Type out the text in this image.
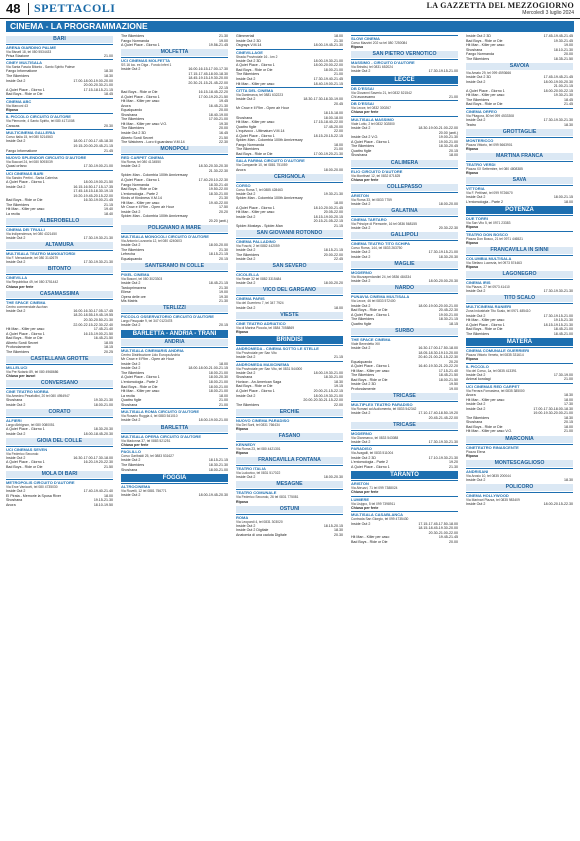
48 SPETTACOLI	LA GAZZETTA DEL MEZZOGIORNO
Mercoledì 3 luglio 2024
CINEMA - LA PROGRAMMAZIONE
BARI
ARENA GIARDINO PALME
Via Bissell 18, tel 080 5534433
Prisa Stazione	21.00
CINEY MULTISALA
Via Santa Fascia Bitonto - Santo Spirito Palese
Fango Informatione	18.30
The Bikeriders	18.30
Inside Out 2	17.00-18.00-19.00-20.00
20.00-20.30-21.00
A Quiet Place - Giorno 1	17.15-18.15-21.15
Bad Boys - Ride or Die	18.45
CINEMA ABC
Via Marconi 43
Riposo
IL PICCOLO CIRCUITO D'AUTORE
Via Piemonte, 4 Santo Spirito, tel 080 4171008
Caracas	20.30
MULTICINEMA GALLERIA
Corso Italia 15, tel 080 5214563
Inside Out 2	18.00-17.00-17.45-18.30
19.15-20.00-20.45-21.15
Fango Informatione	21.45
NUOVO SPLENDOR CIRCUITO D'AUTORE
Via Buccari 24, tel 080 5093039
Quasi orfano	17.30-19.00-21.00
UCI CINEMAS BARI
Via Sandro Pertini - Santa Caterina
A Quiet Place - Giorno 1	18.00-19.00-21.50
Inside Out 2	16.15-16.50-17.15-17.35
17.45-18.15-18.30-19.15
19.20-19.45-20.15-22.00
Bad Boys - Ride or Die	16.30-19.00-21.45
The Bikeriders	21.15
Hit Man - Killer per caso	19.40
La recita	18.40
ALBEROBELLO
CINEMA DEI TRULLI
Via Indipendenza, tel 080 4321450
Inside Out 2	17.30-19.30-21.30
ALTAMURA
MULTISALA TEATRO MANGIATORDI
Via F. Mercadante, tel 080 3142679
Inside Out 2	17.30-19.30-21.30
BITONTO
CINEVILLA
Via Repubblica 49, tel 080 3751442
Chiuso per ferie
CASAMASSIMA
THE SPACE CINEMA
Centro commerciale Auchan
Inside Out 2	16.00-16.30-17.05-17.45
18.20-18.55-19.45-19.55
20.30-20.50-21.30
22.00-22.15-22.30-22.40
Hit Man - Killer per caso	17.45-21.40
A Quiet Place - Giorno 1	16.15-19.00-21.50
Bad Boys - Ride or Die	16.45-21.50
Alberto Sordi Secret	18.05
Profondamente	18.15
The Bikeriders	20.25
CASTELLANA GROTTE
MILLELUCI
Via Pre Notario 89, tel 080 4968686
Chiuso per lavori
CONVERSANO
CINE TEATRO NORBA
Via Amedeo Pesafollini, 20 tel 080 4954947
Shoshana	19.30-21.30
Inside Out 2	18.00-21.00
CORATO
ALFIERI
Largo Abbignon, tel 080 0080051
A Quiet Place - Giorno 1	18.30-20.30
Inside Out 2	18.00-18.45-20.30
GIOIA DEL COLLE
UCI CINEMAS SEVEN
Via Federico Secondo
Inside Out 2	16.30-17.00-17.30-18.00
A Quiet Place - Giorno 1	16.20-19.20-22.30
Bad Boys - Ride or Die	21.50
MOLA DI BARI
METROPOLIS CIRCUITO D'AUTORE
Via Eroe Vanicorti, tel 080 4735030
Inside Out 2	17.40-19.40-21.40
El Pirata - Memorie la Sposa River	18.00
Shoshana	19.15-21.30
Anora	18.10-19.50
The Bikeriders	21.30
Fango Normanda	19.00
A Quiet Place - Giorno 1	19.56-21.45
MOLFETTA
UCI CINEMAS MOLFETTA
SS 16 loc. ex Diga - Fondo Inferi 1
Inside Out 2	16.00-16.15-17.00-17.30
17.15-17.45-18.00-18.30
18.45-19.15-19.30-20.00
20.30-21.15-21.45-22.00
22.15
Bad Boys - Ride or Die	16.15-18.45-22.20
A Quiet Place - Giorno 1	17.00-19.20-21.50
Hit Man - Killer per caso	19.45
Anora	16.45-21.30
Equalquando	20.00
Shoshana	18.40-19.00
The Bikeriders	17.00-21.00
Hit Man - Killer per caso V.O.	19.30
The Bikeriders	20.00
Inside Out 2 3D	16.45
Alberto Sordi Secret	21.50
The Watchers - Loro ti guardano V.M.14	22.30
MONOPOLI
RED CARPET CINEMA
Via Roma, tel 080 4134550
Inside Out 2	18.30-20.30-20.30
21.30-22.30
Spider-Man - Colombia 100th Anniversary
A Quiet Place - Giorno 1	17.40-20.10-22.30
Fango Normanda	18.30-21.40
Bad Boys - Ride or Die	19.50-22.00
L'entomologia - Parte 2	18.30-21.00
Kinds of Kindness V.M.14	21.30
Hit Man - Killer per caso	19.40-22.00
Mr Crow e Il Film - Open air Hour	17.50
Inside Out 2	20.20
Spider-Man - Colombia 100th Anniversary
20.20 (anti.)
POLIGNANO A MARE
MULTISALA MONOCOLI CIRCUITO D'AUTORE
Via Antonio Lozzonia 12, tel 080 4240603
Inside Out 2	18.00-20.00
The Bikeriders	21.30
Lefrecha	18.15-21.15
Equalquando	20.15
SANTERAMO IN COLLE
PIXEL CINEMA
Via Bosoni, tel 080 3023303
Inside Out 2	18.45-21.15
Tardoprimavera	21.30
Ellese	19.00
Opera delle ore	19.30
Mis Matris	21.30
TERLIZZI
PICCOLO OSSERVATORIO CIRCUITO D'AUTORE
Largo Pasquale 9, tel 347 0123478
Inside Out 2	20.15
BARLETTA - ANDRIA - TRANI
ANDRIA
MULTISALA CINEMARIS ANDRIA
Centro Distribuzione Lido Europa Andria
Mr Crow e Il Film - Open air Hour
Inside Out 2	18.00
Inside Out 2	18.00-18.00-21.00-21.15
The Bikeriders	18.00-21.00
A Quiet Place - Giorno 1	18.00-20.30
L'entomologia - Parte 2	18.00-21.00
Bad Boys - Ride or Die	18.00-21.00
Hit Man - Killer per caso	18.00-21.00
La recita	18.00
Quattro figlie	21.00
Shoshana	21.00
MULTISALA ROMA CIRCUITO D'AUTORE
Via Rosario Ruggia 4, tel 0883 541010
Inside Out 2	18.00-19.00-21.00
BARLETTA
MULTISALA OPERA CIRCUITO D'AUTORE
Via Madonna 37, tel 0883 521251
Chiuso per ferie
PAOLILLO
Corso Garibaldi 25, tel 0883 531627
Inside Out 2	18.15-21.15
The Bikeriders	18.30-21.30
Shoshana	18.00-21.00
FOGGIA
ALTROCINEMA
Via Rovelli, 12 tel 0881 756771
Inside Out 2	18.00-19.45-20.30
Glimmertall	18.00
Inside Out 2 3D	21.30
Osgrays V.M.14	18.00-19.45-21.30
CINEVILLAGE
Strada Provinciale 16 - km 2
Inside Out 2 3D	18.00-19.30-21.00
A Quiet Place - Giorno 1	18.00-20.00-22.00
Bad Boys - Ride or Die	18.00-21.00
The Bikeriders	21.00
Inside Out 2	17.30-19.40-21.45
Hit Man - Killer per caso	18.40-19.00-21.15
CITTA DEL CINEMA
Via Danimarca, tel 0881 632223
Inside Out 2	18.30-17.30-18.30-19.00
20.45
Mr Crow e Il Film - Open air Hour
18.15-18.00
Shoshana	18.00-18.00
Hit Man - Killer per caso	17.15-18.40-22.00
Quattro figlie	17.45-20.00
L'equivoco - Ultimatum V.M.14	22.00
A Quiet Place - Giorno 1	18.15-20.15-22.15
Spider-Man - Colombia 100th Anniversary
Fango Normanda	18.00
The Bikeriders	21.00
Bad Boys - Ride or Die	17.00-19.20-21.30
SALA FARINA CIRCUITO D'AUTORE
Via Campanile 10, tel 0881 751059
Anora	18.00-20.00
CERIGNOLA
CORSO
Corso Roma 7, tel 0885 428463
Inside Out 2	19.30-21.30
Spider-Man - Colombia 100th Anniversary
18.00
A Quiet Place - Giorno 1	18.10-20.00-21.45
Hit Man - Killer per caso	20.05-22.00
Inside Out 2	18.15-19.00-20.15
20.15-21.05-22.15
Spider-Mostays - Spider-Man	21.15
SAN GIOVANNI ROTONDO
CINEMA PALLADINO
Via Foschi, 2 tel 0882 442059
Inside Out 2	18.15-21.15
The Bikeriders	20.00-22.00
Inside Out 2	22.45
SAN SEVERO
CICOLELLA
Via Reale 32 tel 0882 3315484
Inside Out 2	18.00-20.20
VICO DEL GARGANO
CINEMA PARIS
Via del Guerriero 7, tel 347 7924
Inside Out 2	18.00
VIESTE
CINE TEATRO ADRIATICO
Via di Marina Piccola, tel 0884 7058869
Riposo
BRINDISI
ANDROMEDA - CINEMA SOTTO LE STELLE
Via Provinciale per San Vito
Inside Out 2	21.15
ANDROMEDA MAXICINEMA
Via Provinciale per San Vito, tel 0831 544000
Inside Out 2	18.00-19.30-21.00
Shoshana	18.30-21.00
Horizon - An American Saga	18.30
Bad Boys - Ride or Die	19.15
A Quiet Place - Giorno 1	20.00-21.15-22.15
Inside Out 2	18.00-19.30-21.00
20.00-20.30-21.15-22.00
The Bikeriders	22.00
ERCHIE
NUOVO CINEMA PARADISO
Via Dei Sorti, tel 0831 766434
Riposo
FASANO
KENNEDY
Via Roma 23, tel 080 4421301
Riposo
FRANCAVILLA FONTANA
TEATRO ITALIA
Via Ludovico, tel 0831 517022
Inside Out 2	18.00-20.30
MESAGNE
TEATRO COMUNALE
Via Federico Secondo, 26 tel 0831 775081
Riposo
OSTUNI
ROMA
Via Leopardi 4, tel 0831 303020
Inside Out 2	18.15-20.15
Inside Out 2 Digitale	18.30
Anatomia di una caduta Digitale	20.30
SLOW CINEMA
Corso Mazzini 202 sc tel 080 7250084
Riposo
SAN PIETRO VERNOTICO
MASSIMO - CIRCUITO D'AUTORE
Via Brindisi, tel 0831 652024
Inside Out 2	17.30-19.15-21.00
LECCE
DB D'ESSAI
Via Giovanni Saverio 21, tel 0832 521542
Chi avoravamo	21.00
DB D'ESSAI
Via Lecce, tel 0832 300267
Chiuso per ferie
MULTISALA MASSIMO
Viale Lotto, 2 tel 0832 302800
Inside Out 2	18.30-19.00-21.00-22.00
20.00 (anti.)
Inside Out 2 V.O.	19.00-21.30
A Quiet Place - Giorno 1	19.00-21.00
The Bikeriders	18.30-20.45
Quattro figlie	20.15
Shoshana	18.00
CALIMERA
ELIO CIRCUITO D'AUTORE
Via Montinari 12, tel 0832 871825
Chiuso per ferie
COLLEPASSO
ARISTON
Via Roma 33, tel 0833 7759
Inside Out 2	18.00-20.00
GALATINA
CINEMA TARTARO
Via Principe di Piemonte, 16 tel 0836 568155
Inside Out 2	20.30-22.30
GALLIPOLI
CINEMA TEATRO TITO SCHIPA
Corso Roma, 144, tel 0833 263750
Inside Out 2	17.30-19.15-21.00
Inside Out 2	18.30-20.30
MAGLIE
MODERNO
Via Mozzaperdardini 24, tel 0836 484334
Inside Out 2	18.00-20.00-20.30
NARDO
PUNAVIA CINEMA MULTISALA
Via Lecce, 46 tel 0833 572400
Inside Out 2	18.00-19.00-20.00-21.00
Bad Boys - Ride or Die	20.45-22.30
A Quiet Place - Giorno 1	19.00-21.00
The Bikeriders	18.30-21.15
Quattro figlie	18.15
SURBO
THE SPACE CINEMA
Viale Benedetto XIII
Inside Out 2	16.30-17.00-17.50-18.00
18.05-18.30-19.10-20.00
20.40-21.00-21.15-22.30
Equalquando	20.20
A Quiet Place - Giorno 1	16.40-19.30-21.20-22.20
Hit Man - Killer per caso	17.15-21.40
The Bikeriders	18.45-21.50
Bad Boys - Ride or Die	18.00-21.50
Inside Out 2 3D	19.50
Profondamente	19.00
TRICASE
MULTIPLEX TEATRO PARADISO
Via Romani ad Audiomenta, tel 0833 542342
Inside Out 2	17.10-17.40-18.50-19.20
20.45-21.45-22.00
TRICASE
MODERNO
Via Gianmarco, tel 0833 543088
Inside Out 2	17.30-19.30-21.30
PARADISO
Via Avagalli, tel 0833 511004
Inside Out 2 3D	17.10-19.30-21.30
L'entomologia - Parte 2	19.20
A Quiet Place - Giorno 1	21.30
TARANTO
ARISTON
Via Abruzzi, 71 tel 099 7388024
Chiuso per ferie
LUMIERE
Via Lisippo, 5 tel 099 7398911
Chiuso per ferie
MULTISALA CASABLANCA
Contrada San Giorgio, tel 099 4735430
Inside Out 2	17.15-17.45-17.50-18.00
18.15-18.45-19.30-20.00
20.30-21.00-22.00
Hit Man - Killer per caso	19.45-21.45
Bad Boys - Ride or Die	20.00
Inside Out 2 3D	17.45-19.45-21.45
Bad Boys - Ride or Die	19.30-21.45
Hit Man - Killer per caso	19.00
Shoshana	18.10-21.30
Fango Normanda	20.00
The Bikeriders	18.35-21.50
SAVOIA
Via Amato 29, tel 099 4593666
Inside Out 2 3D	17.45-19.45-21.45
Inside Out 2	18.00-19.00-20.30
21.00-21.15
A Quiet Place - Giorno 1	18.00-20.00-22.15
Hit Man - Killer per caso	19.30-21.30
The Bikeriders	18.45
Bad Boys - Ride or Die	21.45
CINEMA ORFEO
Via Pitagora, 80 tel 099 4533308
Inside Out 2	17.30-19.30-21.30
Teatro	18.30
GROTTAGLIE
MONTERICCO
Piazza Vittorio, tel 099 5663901
Riposo
MARTINA FRANCA
TEATRO VERDI
Piazza XX Settembre, tel 080 4808385
Riposo
SAVA
VITTORIA
Via F. Pettinari, tel 099 9726670
Inside Out 2	18.00-21.15
L'entomologia - Parte 2	18.00
POTENZA
DUE TORRI
Via San Vito 5, tel 0971 23383
Riposo
TEATRO DON BOSCO
Piazza Don Bosco, 21 tel 0971 446521
Riposo
FRANCAVILLA IN SINNI
COLUMBIA MULTISALA
Via Stefano Lucrezia, tel 0973 574463
Riposo
LAGONEGRO
CINEMA IRIS
Via Piazza, 27 tel 0973 41410
Inside Out 2	17.30-19.30-21.30
TITO SCALO
MULTICINEMA RANIERI
Zona Industriale Tito Scalo, tel 0971 485410
Inside Out 2	17.30-19.15-21.00
Hit Man - Killer per caso	19.15-21.30
A Quiet Place - Giorno 1	18.15-19.15-21.30
Bad Boys - Ride or Die	18.45-21.00
The Bikeriders	18.45-21.00
MATERA
CINEMA COMUNALE GUERRIERI
Piazza Vittorio Veneto, tel 0835 331614
Riposo
IL PICCOLO
Via del Corso, 1a, tel 0835 413391
Inside Out 2	17.30-19.00
Animal kondagi	21.00
UCI CINEMAS RED CARPET
Via Ferrara Fornasiera, tel 0835 385000
Anora	18.30
Hit Man - Killer per caso	18.00
Inside Out 2	17.30
Inside Out 2	17.00-17.30-18.00-18.30
19.00-19.30-20.00-21.00
The Bikeriders	18.30
Shoshana	20.15
Bad Boys - Ride or Die	18.00
Hit Man - Killer per caso V.O.	21.00
MARCONIA
CINETEATRO RINASCENTE
Piazza Elena
Riposo
MONTESCAGLIOSO
ANDRISANI
Via Arosio 10, tel 0835 200044
Inside Out 2	18.30
POLICORO
CINEMA HOLLYWOOD
Via Marinari Piazza, tel 0835 983409
Inside Out 2	18.00-20.15-22.30
